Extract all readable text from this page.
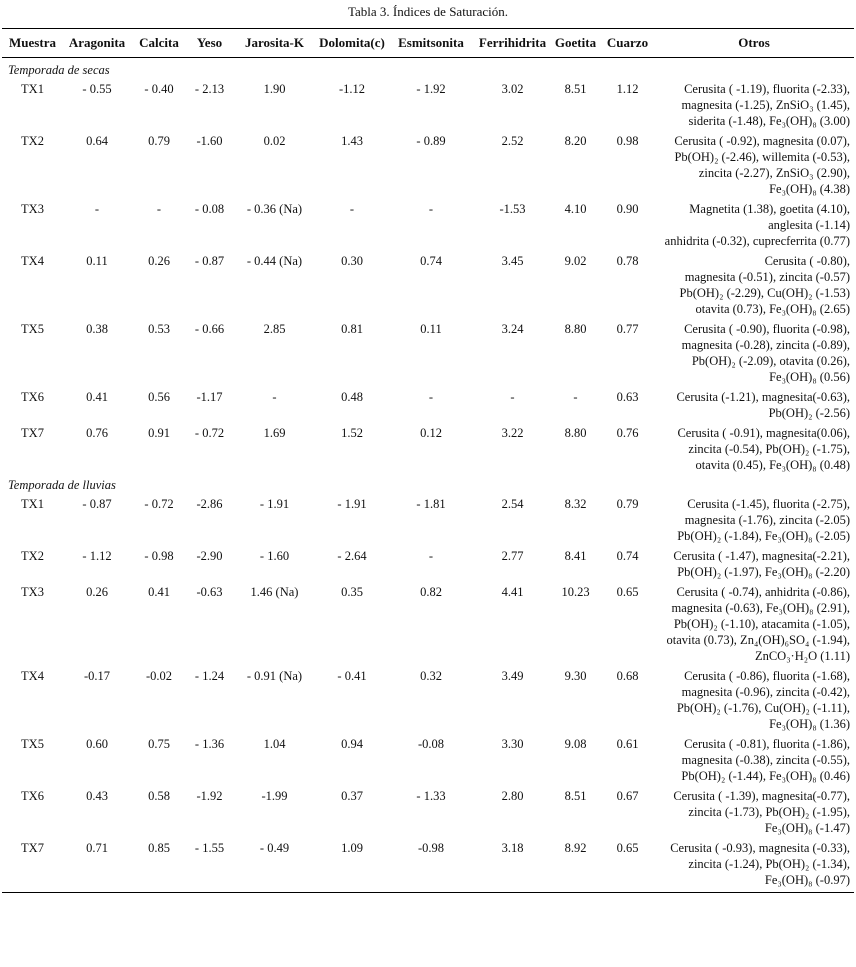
Tabla 3. Índices de Saturación.
Muestra	Aragonita	Calcita	Yeso	Jarosita-K	Dolomita(c)	Esmitsonita	Ferrihidrita	Goetita	Cuarzo	Otros
Temporada de secas										
TX1	- 0.55	- 0.40	- 2.13	1.90	-1.12	- 1.92	3.02	8.51	1.12	Cerusita ( -1.19), fluorita (-2.33),
magnesita (-1.25), ZnSiO₃ (1.45),
siderita (-1.48), Fe₃(OH)₈ (3.00)

TX2	0.64	0.79	-1.60	0.02	1.43	- 0.89	2.52	8.20	0.98	Cerusita ( -0.92), magnesita (0.07),
Pb(OH)₂ (-2.46), willemita (-0.53),
zincita (-2.27), ZnSiO₃ (2.90),
Fe₃(OH)₈ (4.38)

TX3	-	-	- 0.08	- 0.36 (Na)	-	-	-1.53	4.10	0.90	Magnetita (1.38), goetita (4.10),
anglesita (-1.14)
anhidrita (-0.32), cuprecferrita (0.77)

TX4	0.11	0.26	- 0.87	- 0.44 (Na)	0.30	0.74	3.45	9.02	0.78	Cerusita ( -0.80),
magnesita (-0.51), zincita (-0.57)
Pb(OH)₂ (-2.29), Cu(OH)₂ (-1.53)
otavita (0.73), Fe₃(OH)₈ (2.65)

TX5	0.38	0.53	- 0.66	2.85	0.81	0.11	3.24	8.80	0.77	Cerusita ( -0.90), fluorita (-0.98),
magnesita (-0.28), zincita (-0.89),
Pb(OH)₂ (-2.09), otavita (0.26),
Fe₃(OH)₈ (0.56)

TX6	0.41	0.56	-1.17	-	0.48	-	-	-	0.63	Cerusita (-1.21), magnesita(-0.63),
Pb(OH)₂ (-2.56)

TX7	0.76	0.91	- 0.72	1.69	1.52	0.12	3.22	8.80	0.76	Cerusita ( -0.91), magnesita(0.06),
zincita (-0.54), Pb(OH)₂ (-1.75),
otavita (0.45), Fe₃(OH)₈ (0.48)

Temporada de lluvias										
TX1	- 0.87	- 0.72	-2.86	- 1.91	- 1.91	- 1.81	2.54	8.32	0.79	Cerusita (-1.45), fluorita (-2.75),
magnesita (-1.76), zincita (-2.05)
Pb(OH)₂ (-1.84), Fe₃(OH)₈ (-2.05)

TX2	- 1.12	- 0.98	-2.90	- 1.60	- 2.64	-	2.77	8.41	0.74	Cerusita ( -1.47), magnesita(-2.21),
Pb(OH)₂ (-1.97), Fe₃(OH)₈ (-2.20)

TX3	0.26	0.41	-0.63	1.46 (Na)	0.35	0.82	4.41	10.23	0.65	Cerusita ( -0.74), anhidrita (-0.86),
magnesita (-0.63), Fe₃(OH)₈ (2.91),
Pb(OH)₂ (-1.10), atacamita (-1.05),
otavita (0.73), Zn₄(OH)₆SO₄ (-1.94),
ZnCO₃·H₂O (1.11)

TX4	-0.17	-0.02	- 1.24	- 0.91 (Na)	- 0.41	0.32	3.49	9.30	0.68	Cerusita ( -0.86), fluorita (-1.68),
magnesita (-0.96), zincita (-0.42),
Pb(OH)₂ (-1.76), Cu(OH)₂ (-1.11),
Fe₃(OH)₈ (1.36)

TX5	0.60	0.75	- 1.36	1.04	0.94	-0.08	3.30	9.08	0.61	Cerusita ( -0.81), fluorita (-1.86),
magnesita (-0.38), zincita (-0.55),
Pb(OH)₂ (-1.44), Fe₃(OH)₈ (0.46)

TX6	0.43	0.58	-1.92	-1.99	0.37	- 1.33	2.80	8.51	0.67	Cerusita ( -1.39), magnesita(-0.77),
zincita (-1.73), Pb(OH)₂ (-1.95),
Fe₃(OH)₈ (-1.47)

TX7	0.71	0.85	- 1.55	- 0.49	1.09	-0.98	3.18	8.92	0.65	Cerusita ( -0.93), magnesita (-0.33),
zincita (-1.24), Pb(OH)₂ (-1.34),
Fe₃(OH)₈ (-0.97)
